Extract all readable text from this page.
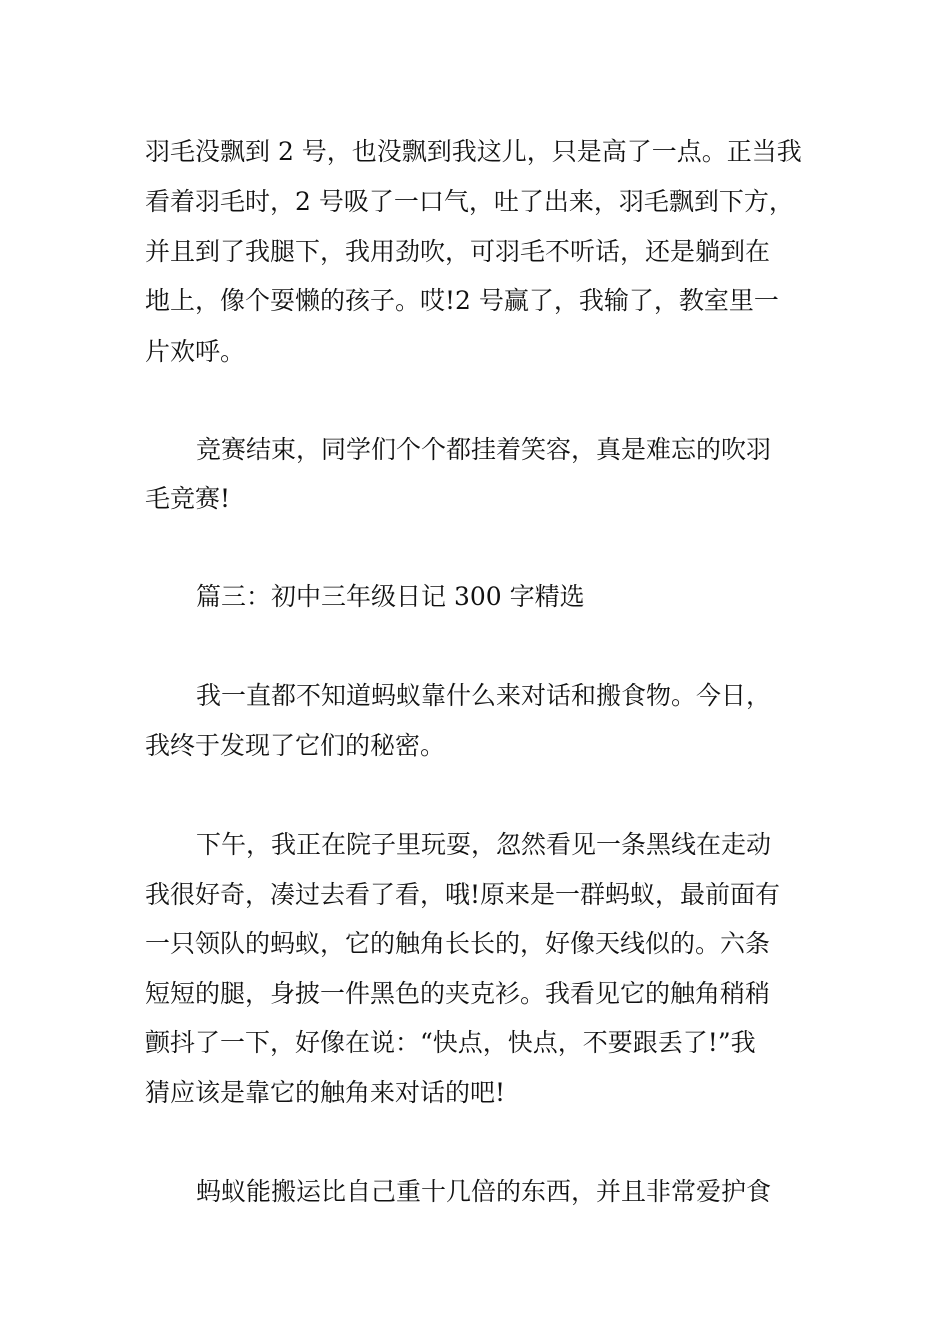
羽毛没飘到 2 号，也没飘到我这儿，只是高了一点。正当我
看着羽毛时，2 号吸了一口气，吐了出来，羽毛飘到下方，
并且到了我腿下，我用劲吹，可羽毛不听话，还是躺到在
地上，像个耍懒的孩子。哎!2 号赢了，我输了，教室里一
片欢呼。
竞赛结束，同学们个个都挂着笑容，真是难忘的吹羽
毛竞赛!
篇三：初中三年级日记 300 字精选
我一直都不知道蚂蚁靠什么来对话和搬食物。今日，
我终于发现了它们的秘密。
下午，我正在院子里玩耍，忽然看见一条黑线在走动
我很好奇，凑过去看了看，哦!原来是一群蚂蚁，最前面有
一只领队的蚂蚁，它的触角长长的，好像天线似的。六条
短短的腿，身披一件黑色的夹克衫。我看见它的触角稍稍
颤抖了一下，好像在说：“快点，快点，不要跟丢了!”我
猜应该是靠它的触角来对话的吧!
蚂蚁能搬运比自己重十几倍的东西，并且非常爱护食
